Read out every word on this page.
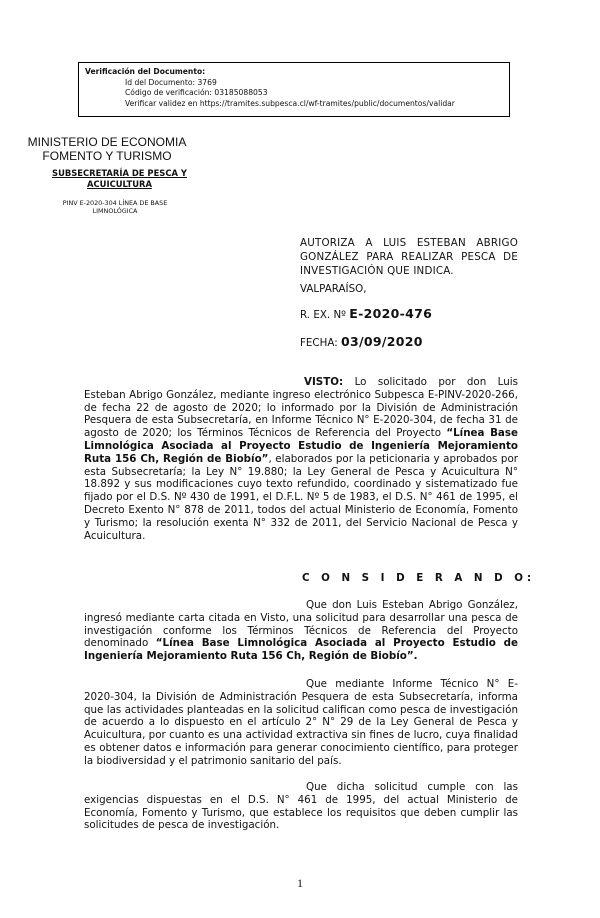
Verificación del Documento:
• Id del Documento: 3769
• Código de verificación: 03185088053
• Verificar validez en https://tramites.subpesca.cl/wf-tramites/public/documentos/validar
MINISTERIO DE ECONOMIA
FOMENTO Y TURISMO
SUBSECRETARÍA DE PESCA Y
ACUICULTURA
PINV E-2020-304 LÍNEA DE BASE
LIMNOLÓGICA
AUTORIZA A LUIS ESTEBAN ABRIGO GONZÁLEZ PARA REALIZAR PESCA DE INVESTIGACIÓN QUE INDICA.
VALPARAÍSO,
R. EX. Nº E-2020-476
FECHA: 03/09/2020

VISTO: Lo solicitado por don Luis Esteban Abrigo González, mediante ingreso electrónico Subpesca E-PINV-2020-266, de fecha 22 de agosto de 2020; lo informado por la División de Administración Pesquera de esta Subsecretaría, en Informe Técnico N° E-2020-304, de fecha 31 de agosto de 2020; los Términos Técnicos de Referencia del Proyecto “Línea Base Limnológica Asociada al Proyecto Estudio de Ingeniería Mejoramiento Ruta 156 Ch, Región de Biobío”, elaborados por la peticionaria y aprobados por esta Subsecretaría; la Ley N° 19.880; la Ley General de Pesca y Acuicultura N° 18.892 y sus modificaciones cuyo texto refundido, coordinado y sistematizado fue fijado por el D.S. Nº 430 de 1991, el D.F.L. Nº 5 de 1983, el D.S. N° 461 de 1995, el Decreto Exento N° 878 de 2011, todos del actual Ministerio de Economía, Fomento y Turismo; la resolución exenta N° 332 de 2011, del Servicio Nacional de Pesca y Acuicultura.

C O N S I D E R A N D O:

Que don Luis Esteban Abrigo González, ingresó mediante carta citada en Visto, una solicitud para desarrollar una pesca de investigación conforme los Términos Técnicos de Referencia del Proyecto denominado “Línea Base Limnológica Asociada al Proyecto Estudio de Ingeniería Mejoramiento Ruta 156 Ch, Región de Biobío”.

Que mediante Informe Técnico N° E-2020-304, la División de Administración Pesquera de esta Subsecretaría, informa que las actividades planteadas en la solicitud califican como pesca de investigación de acuerdo a lo dispuesto en el artículo 2° N° 29 de la Ley General de Pesca y Acuicultura, por cuanto es una actividad extractiva sin fines de lucro, cuya finalidad es obtener datos e información para generar conocimiento científico, para proteger la biodiversidad y el patrimonio sanitario del país.

Que dicha solicitud cumple con las exigencias dispuestas en el D.S. N° 461 de 1995, del actual Ministerio de Economía, Fomento y Turismo, que establece los requisitos que deben cumplir las solicitudes de pesca de investigación.

1
